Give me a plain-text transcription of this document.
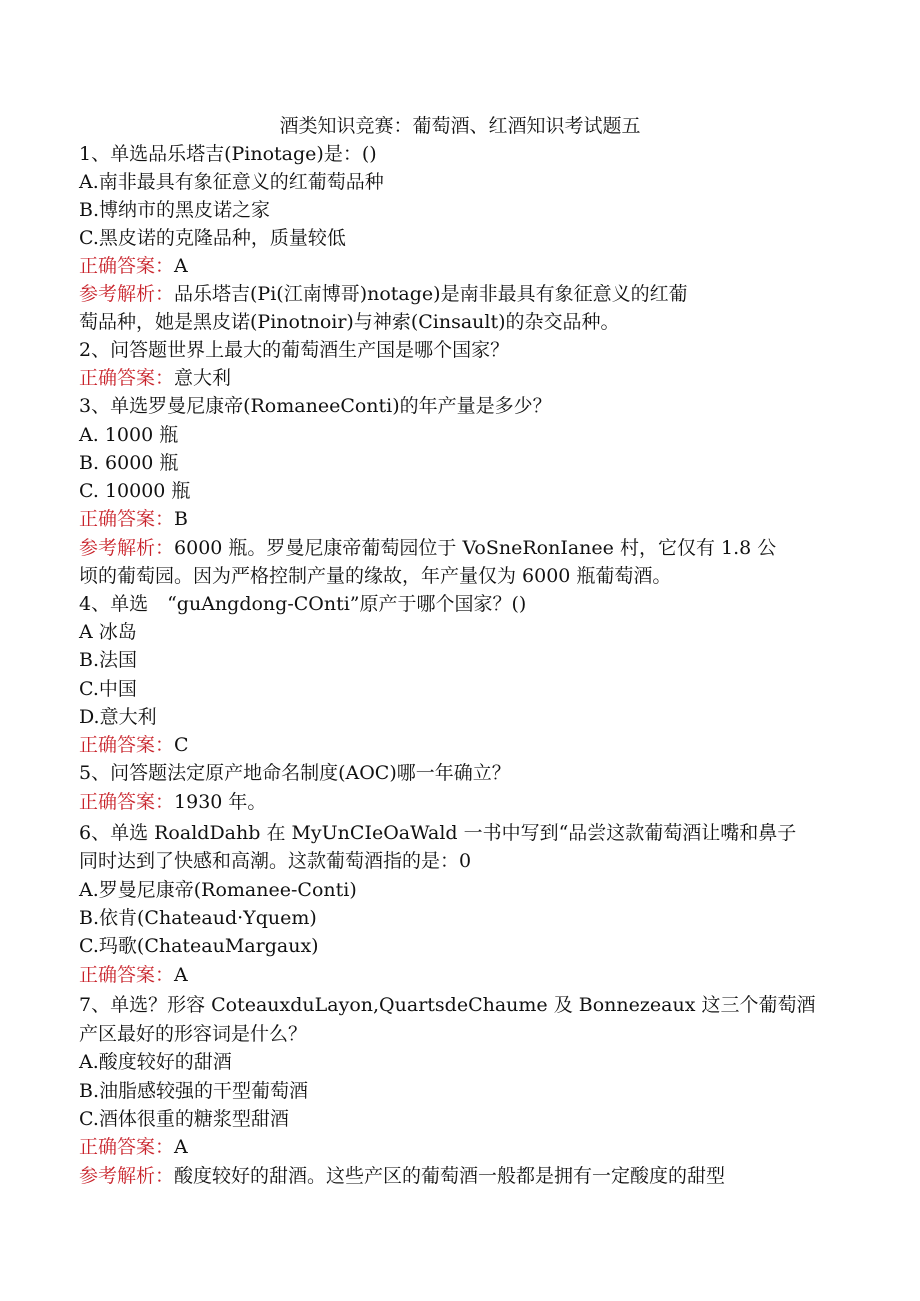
酒类知识竞赛：葡萄酒、红酒知识考试题五
1、单选品乐塔吉(Pinotage)是：()
A.南非最具有象征意义的红葡萄品种
B.博纳市的黑皮诺之家
C.黑皮诺的克隆品种，质量较低
正确答案：A
参考解析：品乐塔吉(Pi(江南博哥)notage)是南非最具有象征意义的红葡
萄品种，她是黑皮诺(Pinotnoir)与神索(Cinsault)的杂交品种。
2、问答题世界上最大的葡萄酒生产国是哪个国家？
正确答案：意大利
3、单选罗曼尼康帝(RomaneeConti)的年产量是多少？
A. 1000 瓶
B. 6000 瓶
C. 10000 瓶
正确答案：B
参考解析：6000 瓶。罗曼尼康帝葡萄园位于 VoSneRonIanee 村，它仅有 1.8 公
顷的葡萄园。因为严格控制产量的缘故，年产量仅为 6000 瓶葡萄酒。
4、单选　“guAngdong-COnti”原产于哪个国家？()
A 冰岛
B.法国
C.中国
D.意大利
正确答案：C
5、问答题法定原产地命名制度(AOC)哪一年确立？
正确答案：1930 年。
6、单选 RoaldDahb 在 MyUnCIeOaWald 一书中写到“品尝这款葡萄酒让嘴和鼻子
同时达到了快感和高潮。这款葡萄酒指的是：0
A.罗曼尼康帝(Romanee-Conti)
B.依肯(Chateaud·Yquem)
C.玛歌(ChateauMargaux)
正确答案：A
7、单选？形容 CoteauxduLayon,QuartsdeChaume 及 Bonnezeaux 这三个葡萄酒
产区最好的形容词是什么？
A.酸度较好的甜酒
B.油脂感较强的干型葡萄酒
C.酒体很重的糖浆型甜酒
正确答案：A
参考解析：酸度较好的甜酒。这些产区的葡萄酒一般都是拥有一定酸度的甜型
